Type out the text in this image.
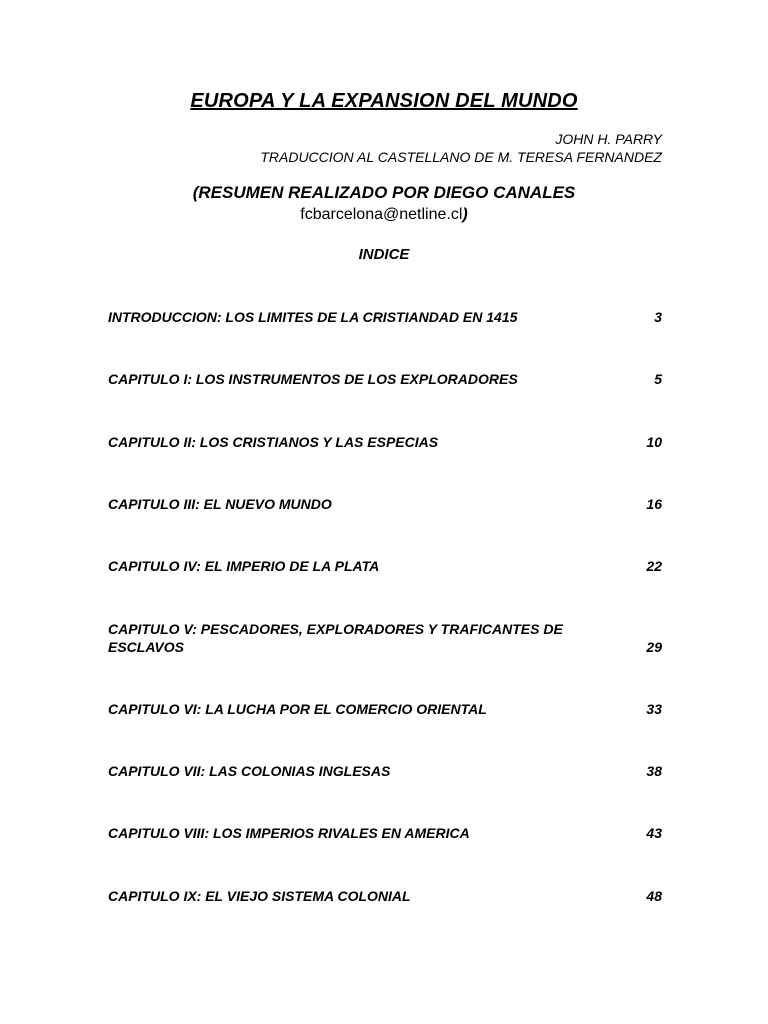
EUROPA Y LA EXPANSION DEL MUNDO
JOHN H. PARRY
TRADUCCION AL CASTELLANO DE M. TERESA FERNANDEZ
(RESUMEN REALIZADO POR DIEGO CANALES
fcbarcelona@netline.cl)
INDICE
INTRODUCCION: LOS LIMITES DE LA CRISTIANDAD EN 1415	3
CAPITULO I: LOS INSTRUMENTOS DE LOS EXPLORADORES	5
CAPITULO II: LOS CRISTIANOS Y LAS ESPECIAS	10
CAPITULO III: EL NUEVO MUNDO	16
CAPITULO IV: EL IMPERIO DE LA PLATA	22
CAPITULO V: PESCADORES, EXPLORADORES Y TRAFICANTES DE ESCLAVOS	29
CAPITULO VI: LA LUCHA POR EL COMERCIO ORIENTAL	33
CAPITULO VII: LAS COLONIAS INGLESAS	38
CAPITULO VIII: LOS IMPERIOS RIVALES EN AMERICA	43
CAPITULO IX: EL VIEJO SISTEMA COLONIAL	48
